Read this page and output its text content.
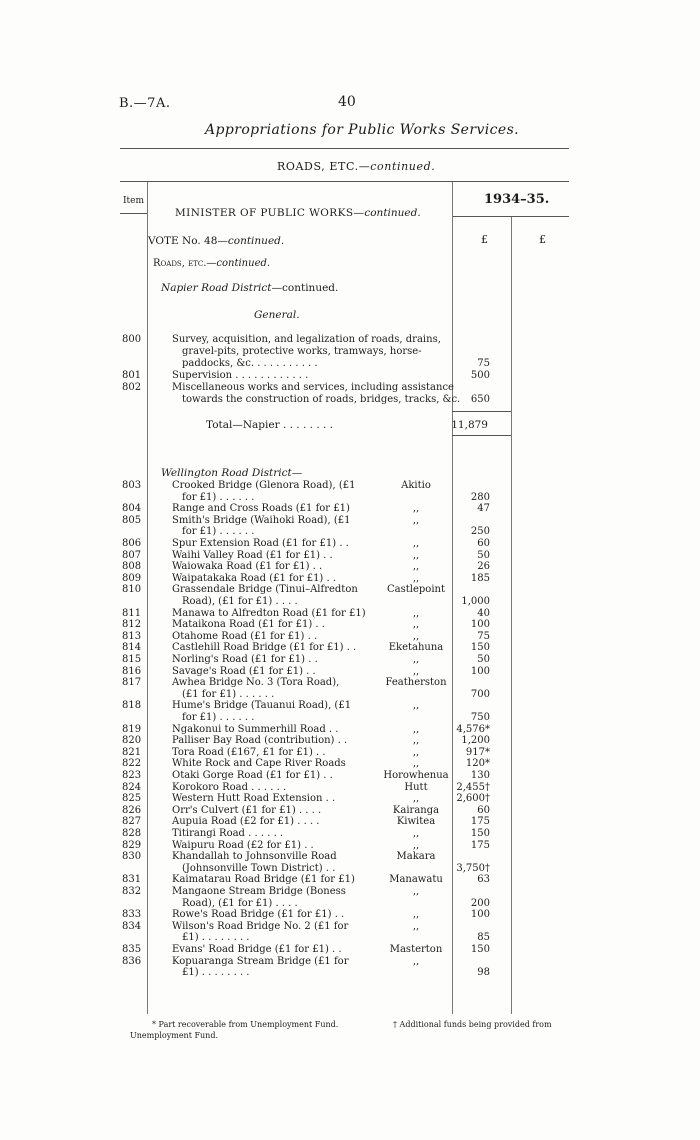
B.—7A.	40
Appropriations for Public Works Services.
ROADS, ETC.—continued.
Item	1934–35.
MINISTER OF PUBLIC WORKS—continued.
VOTE No. 48—continued.	£	£
Roads, etc.—continued.
Napier Road District—continued.
General.
800	Survey, acquisition, and legalization of roads, drains,
gravel-pits, protective works, tramways, horse-
paddocks, &c. . . . . . . . . . .	75
801	Supervision . . . . . . . . . . . .	500
802	Miscellaneous works and services, including assistance
towards the construction of roads, bridges, tracks, &c. 650
Total—Napier . . . . . . . .	11,879
Wellington Road District—
803	Crooked Bridge (Glenora Road), (£1	Akitio
for £1) . . . . . .	280
804	Range and Cross Roads (£1 for £1)	,,	47
805	Smith's Bridge (Waihoki Road), (£1	,,
for £1) . . . . . .	250
806	Spur Extension Road (£1 for £1) . .	,,	60
807	Waihi Valley Road (£1 for £1) . .	,,	50
808	Waiowaka Road (£1 for £1) . .	,,	26
809	Waipatakaka Road (£1 for £1) . .	,,	185
810	Grassendale Bridge (Tinui–Alfredton	Castlepoint
Road), (£1 for £1) . . . .	1,000
811	Manawa to Alfredton Road (£1 for £1)	,,	40
812	Mataikona Road (£1 for £1) . .	,,	100
813	Otahome Road (£1 for £1) . .	,,	75
814	Castlehill Road Bridge (£1 for £1) . .	Eketahuna	150
815	Norling's Road (£1 for £1) . .	,,	50
816	Savage's Road (£1 for £1) . .	,,	100
817	Awhea Bridge No. 3 (Tora Road),	Featherston
(£1 for £1) . . . . . .	700
818	Hume's Bridge (Tauanui Road), (£1	,,
for £1) . . . . . .	750
819	Ngakonui to Summerhill Road . .	,,	4,576*
820	Palliser Bay Road (contribution) . .	,,	1,200
821	Tora Road (£167, £1 for £1) . .	,,	917*
822	White Rock and Cape River Roads	,,	120*
823	Otaki Gorge Road (£1 for £1) . .	Horowhenua	130
824	Korokoro Road . . . . . .	Hutt	2,455†
825	Western Hutt Road Extension . .	,,	2,600†
826	Orr's Culvert (£1 for £1) . . . .	Kairanga	60
827	Aupuia Road (£2 for £1) . . . .	Kiwitea	175
828	Titirangi Road . . . . . .	,,	150
829	Waipuru Road (£2 for £1) . .	,,	175
830	Khandallah to Johnsonville Road	Makara
(Johnsonville Town District) . .	3,750†
831	Kaimatarau Road Bridge (£1 for £1)	Manawatu	63
832	Mangaone Stream Bridge (Boness	,,
Road), (£1 for £1) . . . .	200
833	Rowe's Road Bridge (£1 for £1) . .	,,	100
834	Wilson's Road Bridge No. 2 (£1 for	,,
£1) . . . . . . . .	85
835	Evans' Road Bridge (£1 for £1) . .	Masterton	150
836	Kopuaranga Stream Bridge (£1 for	,,
£1) . . . . . . . .	98
* Part recoverable from Unemployment Fund.	† Additional funds being provided from
Unemployment Fund.
